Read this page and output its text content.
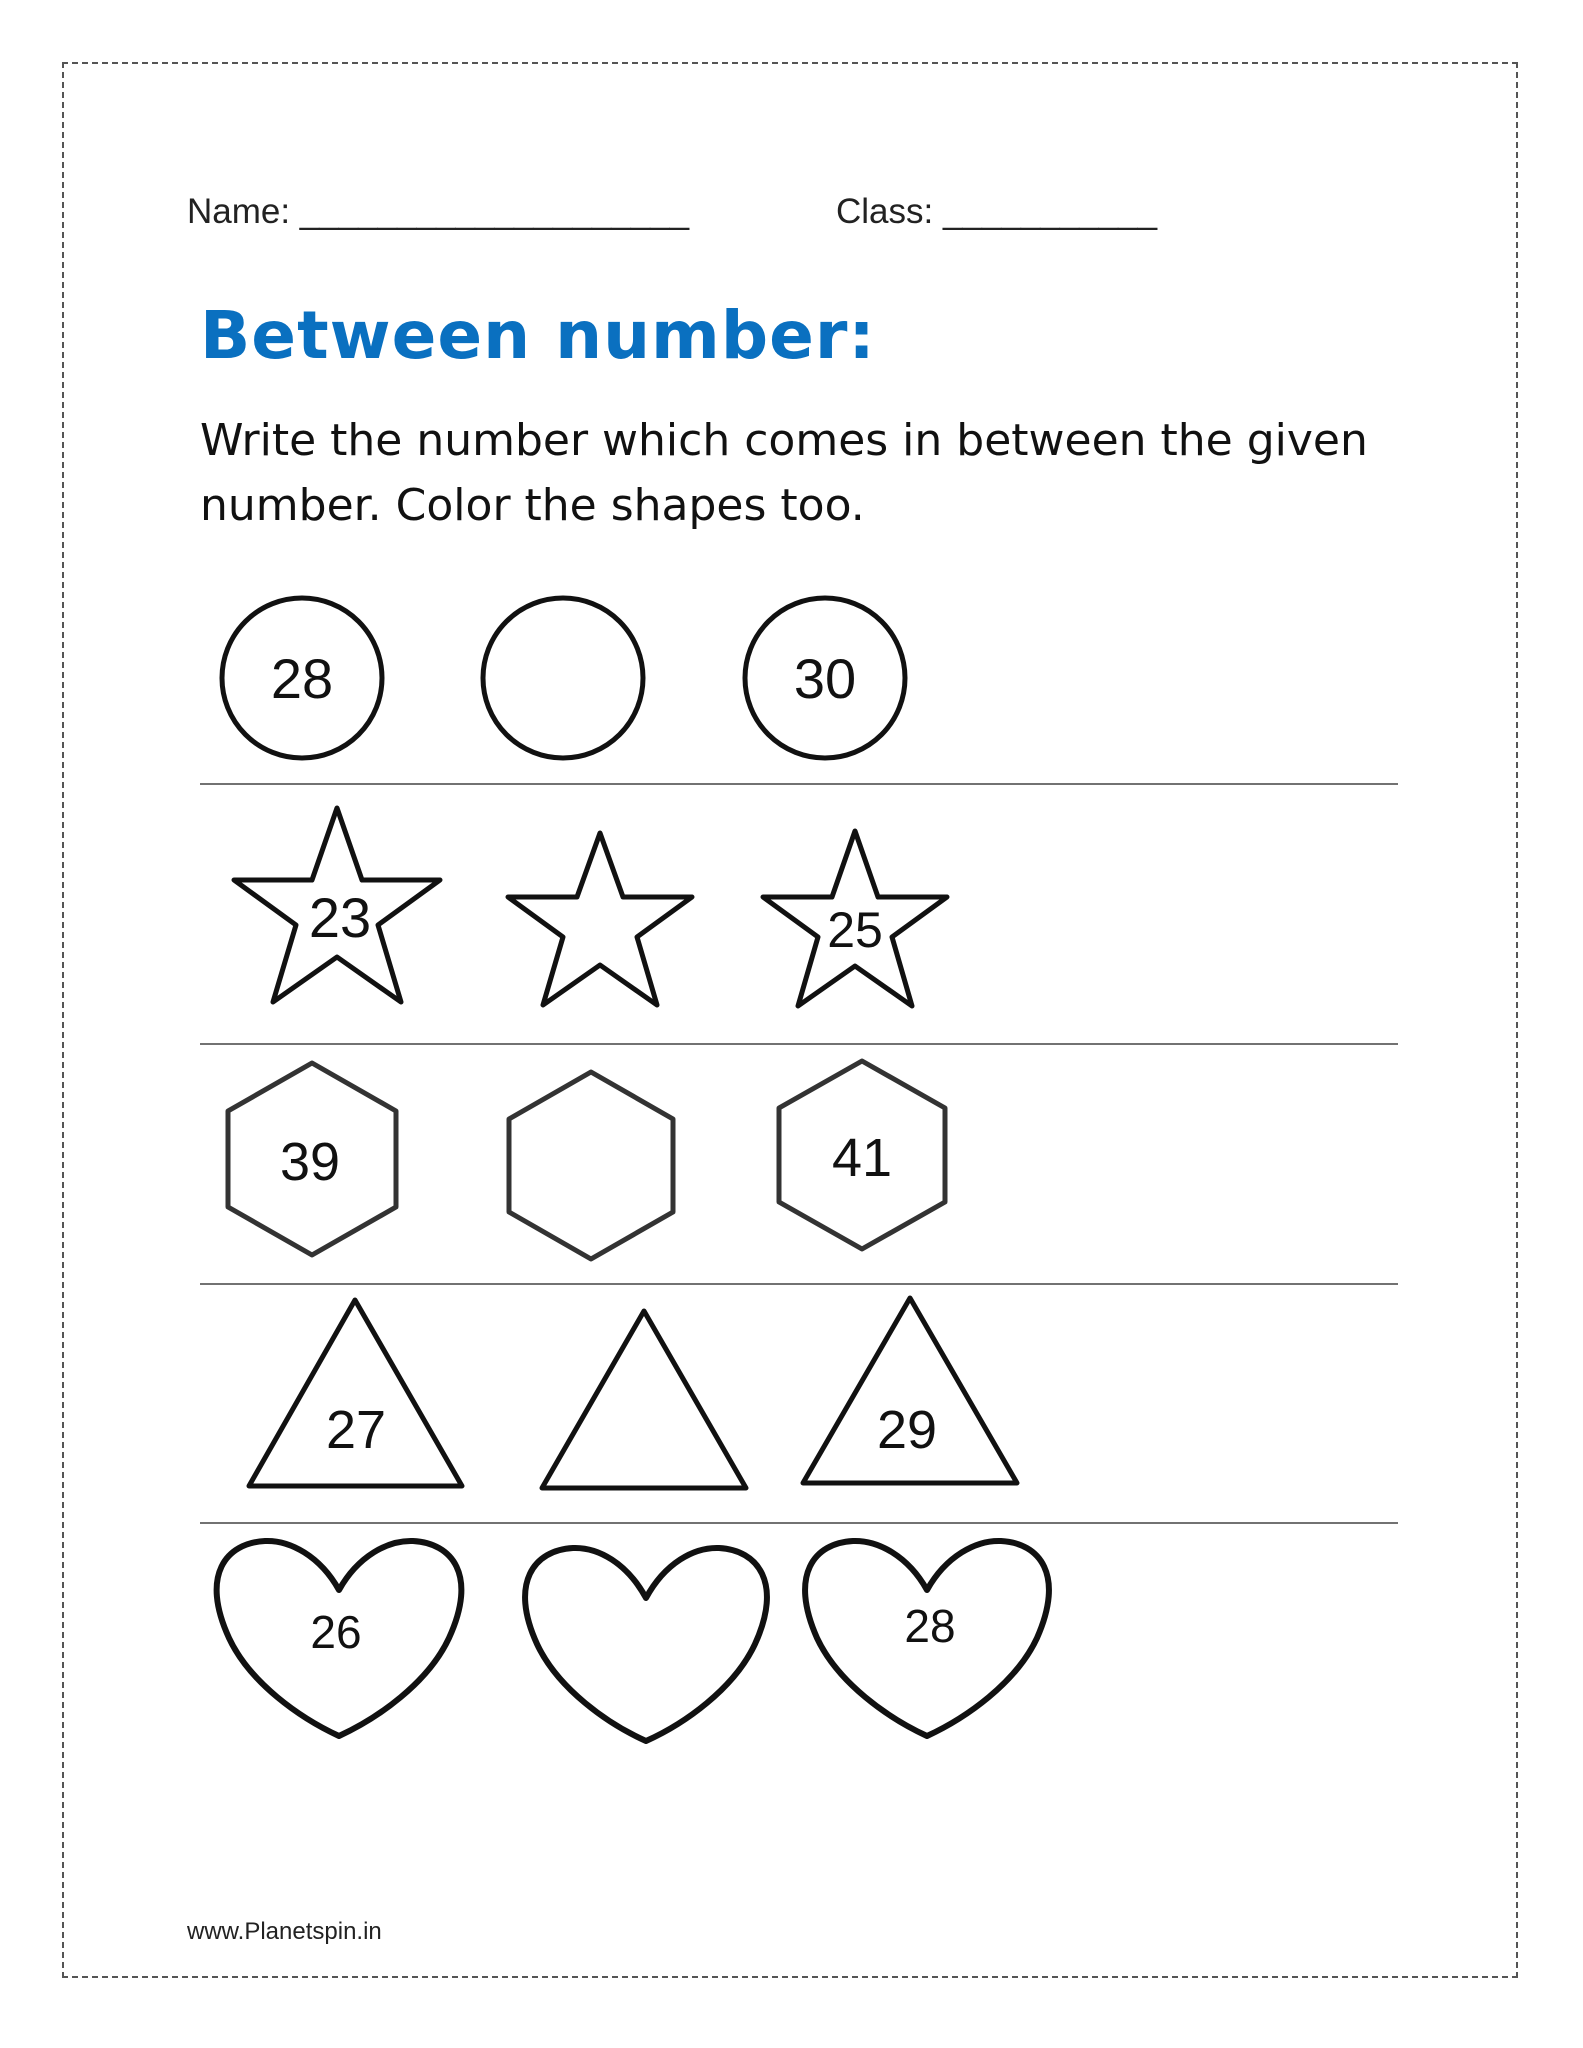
Name: ____________________	Class: ___________
Between number:
Write the number which comes in between the given number. Color the shapes too.
28	30
23	25
39	41
27	29
26	28
www.Planetspin.in
